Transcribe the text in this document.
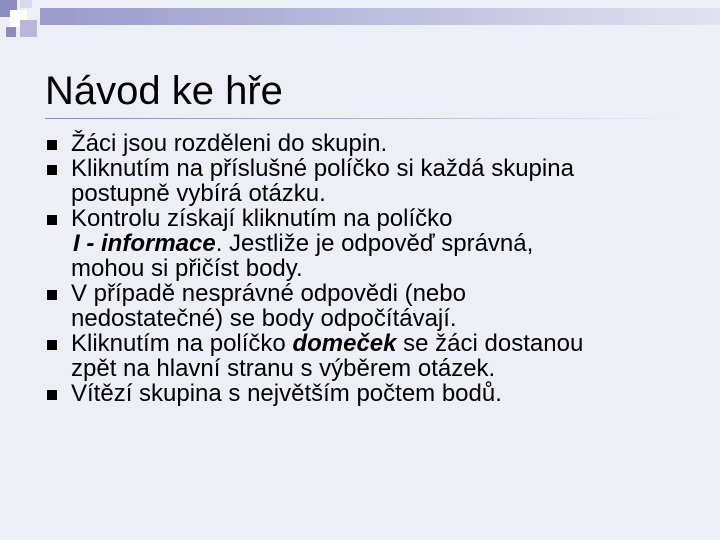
Návod ke hře
Žáci jsou rozděleni do skupin.
Kliknutím na příslušné políčko si každá skupina
postupně vybírá otázku.
Kontrolu získají kliknutím na políčko
I - informace. Jestliže je odpověď správná,
mohou si přičíst body.
V případě nesprávné odpovědi (nebo
nedostatečné) se body odpočítávají.
Kliknutím na políčko domeček se žáci dostanou
zpět na hlavní stranu s výběrem otázek.
Vítězí skupina s největším počtem bodů.
